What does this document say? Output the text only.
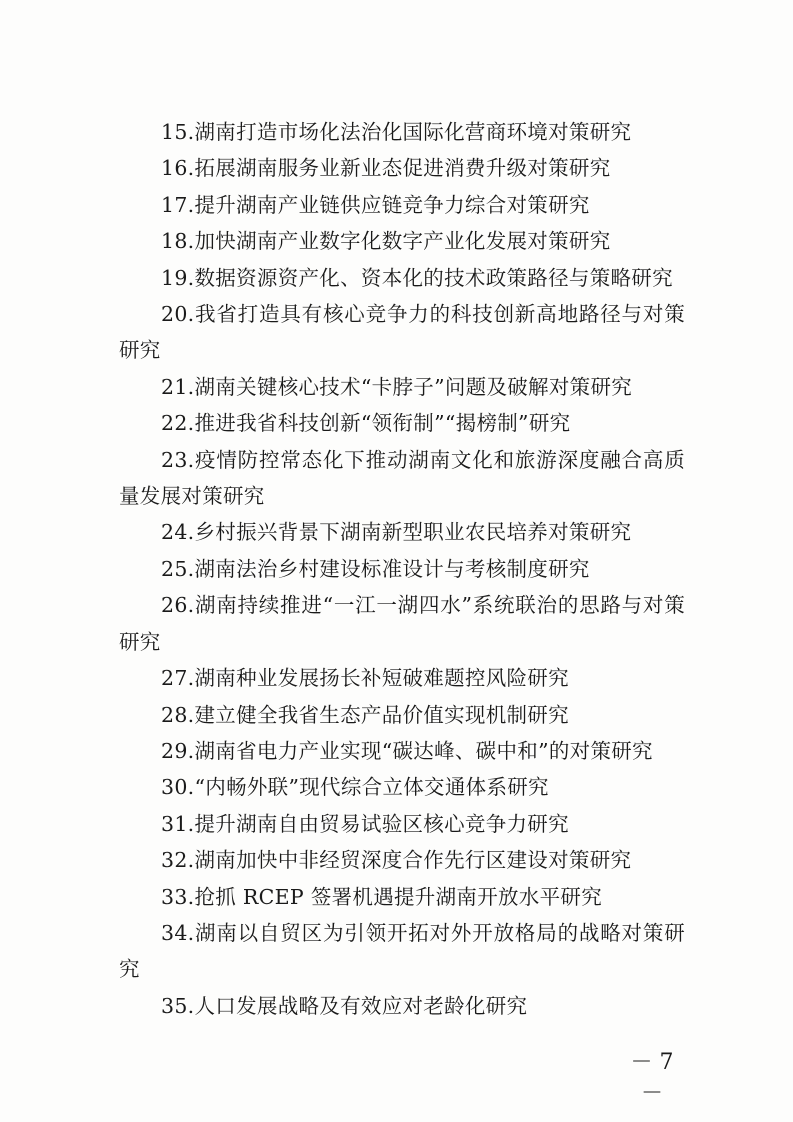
15.湖南打造市场化法治化国际化营商环境对策研究
16.拓展湖南服务业新业态促进消费升级对策研究
17.提升湖南产业链供应链竞争力综合对策研究
18.加快湖南产业数字化数字产业化发展对策研究
19.数据资源资产化、资本化的技术政策路径与策略研究
20.我省打造具有核心竞争力的科技创新高地路径与对策研究
21.湖南关键核心技术“卡脖子”问题及破解对策研究
22.推进我省科技创新“领衔制”“揭榜制”研究
23.疫情防控常态化下推动湖南文化和旅游深度融合高质量发展对策研究
24.乡村振兴背景下湖南新型职业农民培养对策研究
25.湖南法治乡村建设标准设计与考核制度研究
26.湖南持续推进“一江一湖四水”系统联治的思路与对策研究
27.湖南种业发展扬长补短破难题控风险研究
28.建立健全我省生态产品价值实现机制研究
29.湖南省电力产业实现“碳达峰、碳中和”的对策研究
30.“内畅外联”现代综合立体交通体系研究
31.提升湖南自由贸易试验区核心竞争力研究
32.湖南加快中非经贸深度合作先行区建设对策研究
33.抢抓 RCEP 签署机遇提升湖南开放水平研究
34.湖南以自贸区为引领开拓对外开放格局的战略对策研究
35.人口发展战略及有效应对老龄化研究
－ 7 －
